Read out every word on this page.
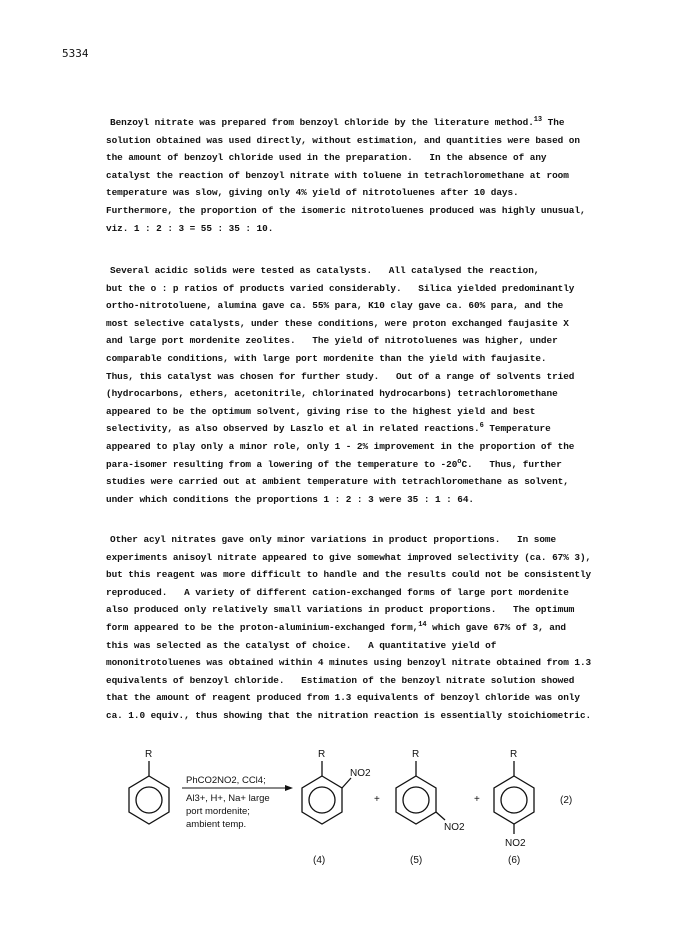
5334
Benzoyl nitrate was prepared from benzoyl chloride by the literature method.$^{13}$ The
solution obtained was used directly, without estimation, and quantities were based on
the amount of benzoyl chloride used in the preparation.   In the absence of any
catalyst the reaction of benzoyl nitrate with toluene in tetrachloromethane at room
temperature was slow, giving only 4% yield of nitrotoluenes after 10 days.
Furthermore, the proportion of the isomeric nitrotoluenes produced was highly unusual,
viz. 1 : 2 : 3 = 55 : 35 : 10.
Several acidic solids were tested as catalysts.   All catalysed the reaction,
but the o : p ratios of products varied considerably.   Silica yielded predominantly
ortho-nitrotoluene, alumina gave ca. 55% para, K10 clay gave ca. 60% para, and the
most selective catalysts, under these conditions, were proton exchanged faujasite X
and large port mordenite zeolites.   The yield of nitrotoluenes was higher, under
comparable conditions, with large port mordenite than the yield with faujasite.
Thus, this catalyst was chosen for further study.   Out of a range of solvents tried
(hydrocarbons, ethers, acetonitrile, chlorinated hydrocarbons) tetrachloromethane
appeared to be the optimum solvent, giving rise to the highest yield and best
selectivity, as also observed by Laszlo et al in related reactions.$^6$ Temperature
appeared to play only a minor role, only 1 - 2% improvement in the proportion of the
para-isomer resulting from a lowering of the temperature to -20$^o$C.   Thus, further
studies were carried out at ambient temperature with tetrachloromethane as solvent,
under which conditions the proportions 1 : 2 : 3 were 35 : 1 : 64.
Other acyl nitrates gave only minor variations in product proportions.   In some
experiments anisoyl nitrate appeared to give somewhat improved selectivity (ca. 67% 3),
but this reagent was more difficult to handle and the results could not be consistently
reproduced.   A variety of different cation-exchanged forms of large port mordenite
also produced only relatively small variations in product proportions.   The optimum
form appeared to be the proton-aluminium-exchanged form,$^{14}$ which gave 67% of 3, and
this was selected as the catalyst of choice.   A quantitative yield of
mononitrotoluenes was obtained within 4 minutes using benzoyl nitrate obtained from 1.3
equivalents of benzoyl chloride.   Estimation of the benzoyl nitrate solution showed
that the amount of reagent produced from 1.3 equivalents of benzoyl chloride was only
ca. 1.0 equiv., thus showing that the nitration reaction is essentially stoichiometric.
R
PhCO2NO2, CCl4;
Al3+, H+, Na+ large
port mordenite;
ambient temp.
R
NO2
(4)
+
R
NO2
(5)
+
R
NO2
(6)
(2)
